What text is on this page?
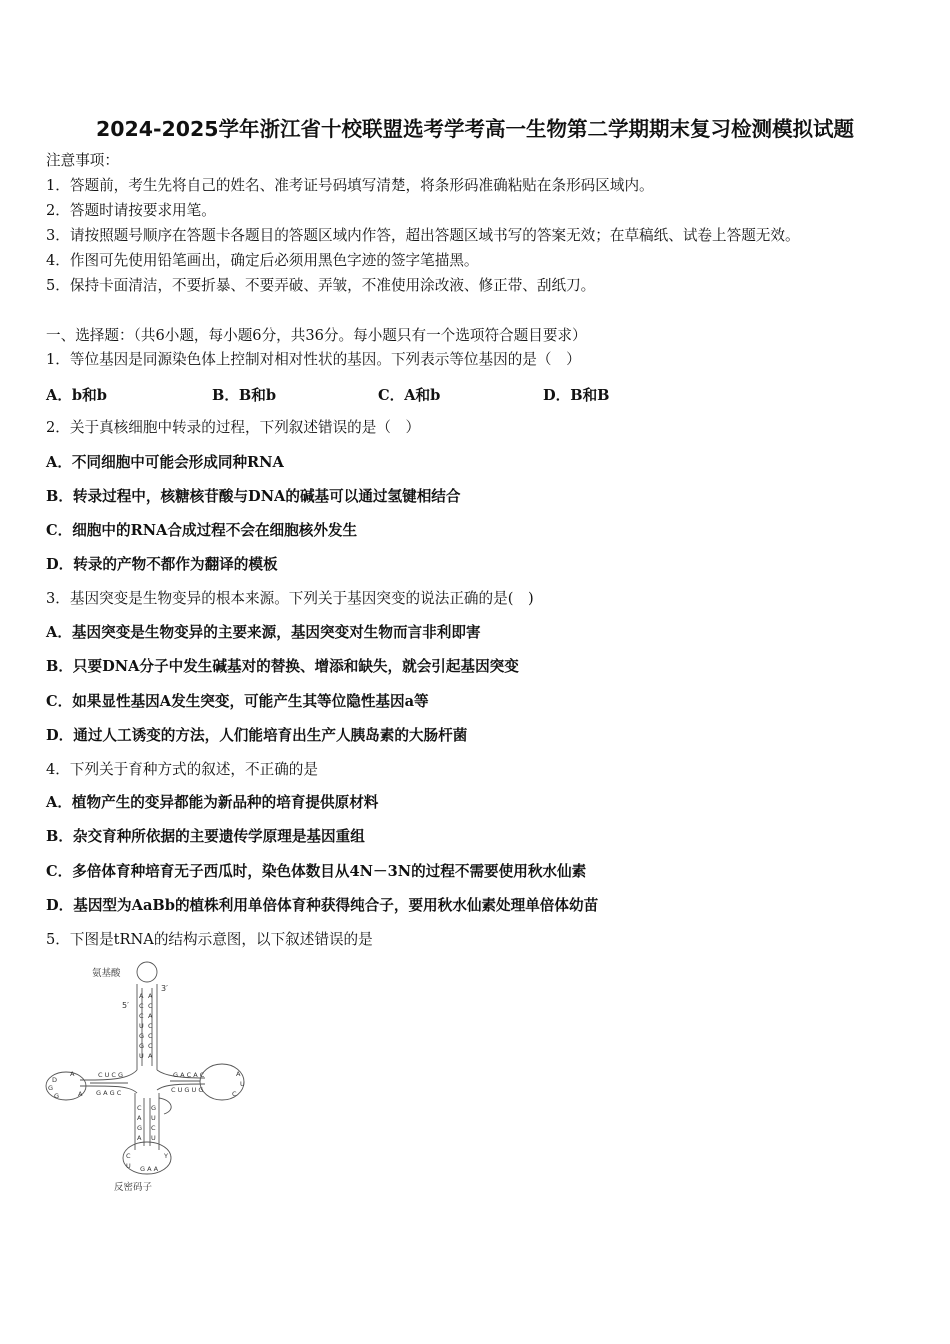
2024-2025学年浙江省十校联盟选考学考高一生物第二学期期末复习检测模拟试题
注意事项：
1．答题前，考生先将自己的姓名、准考证号码填写清楚，将条形码准确粘贴在条形码区域内。
2．答题时请按要求用笔。
3．请按照题号顺序在答题卡各题目的答题区域内作答，超出答题区域书写的答案无效；在草稿纸、试卷上答题无效。
4．作图可先使用铅笔画出，确定后必须用黑色字迹的签字笔描黑。
5．保持卡面清洁，不要折暴、不要弄破、弄皱，不准使用涂改液、修正带、刮纸刀。
一、选择题：（共6小题，每小题6分，共36分。每小题只有一个选项符合题目要求）
1．等位基因是同源染色体上控制对相对性状的基因。下列表示等位基因的是（　）
A．b和b	B．B和b	C．A和b	D．B和B
2．关于真核细胞中转录的过程，下列叙述错误的是（　）
A．不同细胞中可能会形成同种RNA
B．转录过程中，核糖核苷酸与DNA的碱基可以通过氢键相结合
C．细胞中的RNA合成过程不会在细胞核外发生
D．转录的产物不都作为翻译的模板
3．基因突变是生物变异的根本来源。下列关于基因突变的说法正确的是(　)
A．基因突变是生物变异的主要来源，基因突变对生物而言非利即害
B．只要DNA分子中发生碱基对的替换、增添和缺失，就会引起基因突变
C．如果显性基因A发生突变，可能产生其等位隐性基因a等
D．通过人工诱变的方法，人们能培育出生产人胰岛素的大肠杆菌
4．下列关于育种方式的叙述，不正确的是
A．植物产生的变异都能为新品种的培育提供原材料
B．杂交育种所依据的主要遗传学原理是基因重组
C．多倍体育种培育无子西瓜时，染色体数目从4N－3N的过程不需要使用秋水仙素
D．基因型为AaBb的植株利用单倍体育种获得纯合子，要用秋水仙素处理单倍体幼苗
5．下图是tRNA的结构示意图，以下叙述错误的是
A
C
C
U
G
G
U
A
C
A
C
C
C
A
C U C G
G A G C
D
G
G
A
A
G A C A C
C U G U G
A
U
C
C
A
G
A
G
U
C
U
C
U G A A
Y
氨基酸
3′
5′
反密码子
